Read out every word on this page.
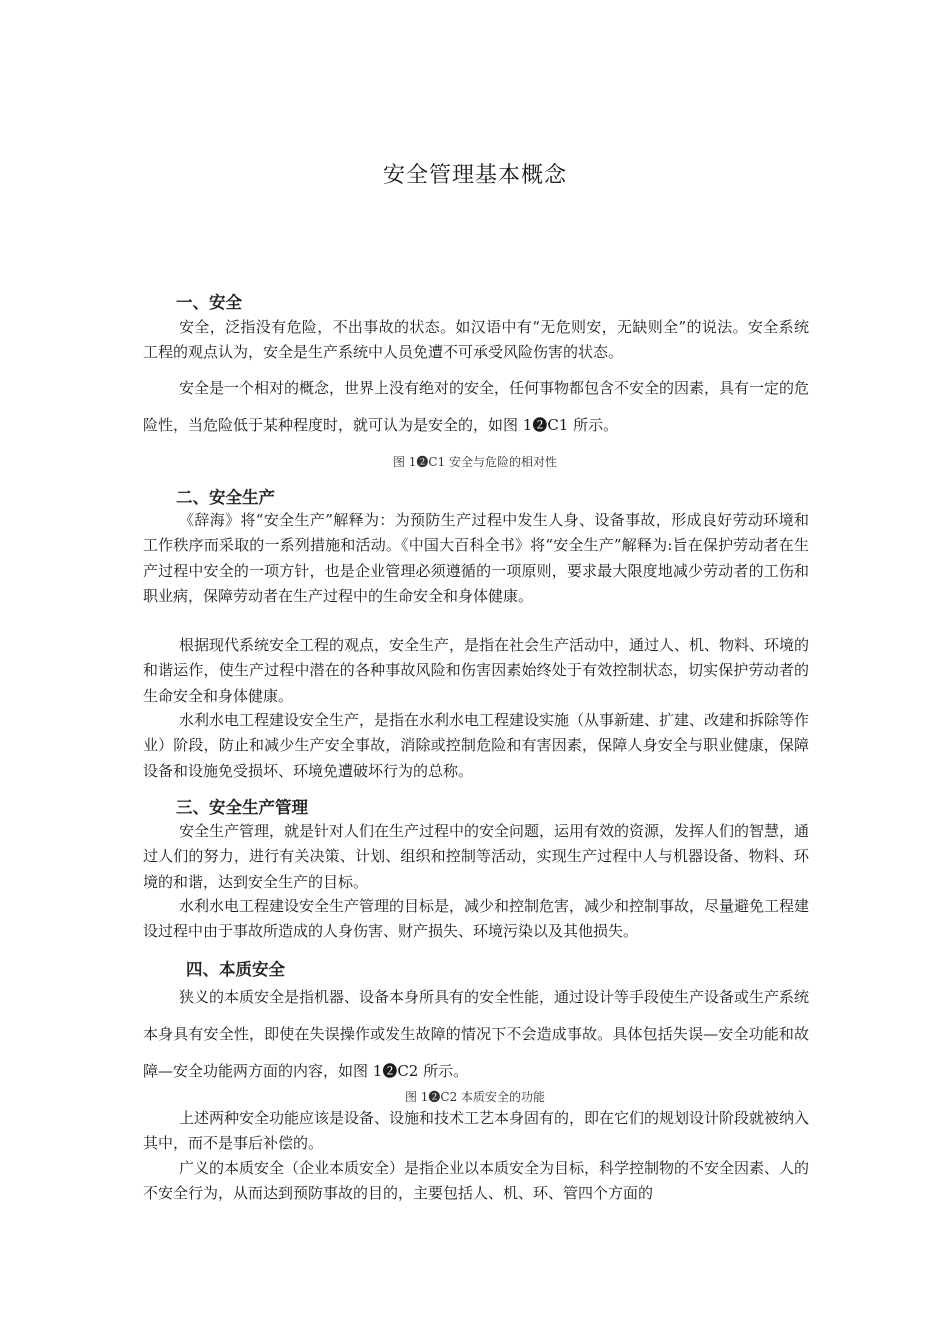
安全管理基本概念
一、安全

安全，泛指没有危险，不出事故的状态。如汉语中有“无危则安，无缺则全”的说法。安全系统工程的观点认为，安全是生产系统中人员免遭不可承受风险伤害的状态。

安全是一个相对的概念，世界上没有绝对的安全，任何事物都包含不安全的因素，具有一定的危险性，当危险低于某种程度时，就可认为是安全的，如图 1❷C1 所示。

图 1❷C1 安全与危险的相对性
二、安全生产

《辞海》将“安全生产”解释为：为预防生产过程中发生人身、设备事故，形成良好劳动环境和工作秩序而采取的一系列措施和活动。《中国大百科全书》将“安全生产”解释为:旨在保护劳动者在生产过程中安全的一项方针，也是企业管理必须遵循的一项原则，要求最大限度地减少劳动者的工伤和职业病，保障劳动者在生产过程中的生命安全和身体健康。

根据现代系统安全工程的观点，安全生产，是指在社会生产活动中，通过人、机、物料、环境的和谐运作，使生产过程中潜在的各种事故风险和伤害因素始终处于有效控制状态，切实保护劳动者的生命安全和身体健康。

水利水电工程建设安全生产，是指在水利水电工程建设实施（从事新建、扩建、改建和拆除等作业）阶段，防止和减少生产安全事故，消除或控制危险和有害因素，保障人身安全与职业健康，保障设备和设施免受损坏、环境免遭破坏行为的总称。

三、安全生产管理

安全生产管理，就是针对人们在生产过程中的安全问题，运用有效的资源，发挥人们的智慧，通过人们的努力，进行有关决策、计划、组织和控制等活动，实现生产过程中人与机器设备、物料、环境的和谐，达到安全生产的目标。

水利水电工程建设安全生产管理的目标是，减少和控制危害，减少和控制事故，尽量避免工程建设过程中由于事故所造成的人身伤害、财产损失、环境污染以及其他损失。

四、本质安全

狭义的本质安全是指机器、设备本身所具有的安全性能，通过设计等手段使生产设备或生产系统本身具有安全性，即使在失误操作或发生故障的情况下不会造成事故。具体包括失误—安全功能和故障—安全功能两方面的内容，如图 1❷C2 所示。

图 1❷C2 本质安全的功能

上述两种安全功能应该是设备、设施和技术工艺本身固有的，即在它们的规划设计阶段就被纳入其中，而不是事后补偿的。

广义的本质安全（企业本质安全）是指企业以本质安全为目标，科学控制物的不安全因素、人的不安全行为，从而达到预防事故的目的，主要包括人、机、环、管四个方面的
